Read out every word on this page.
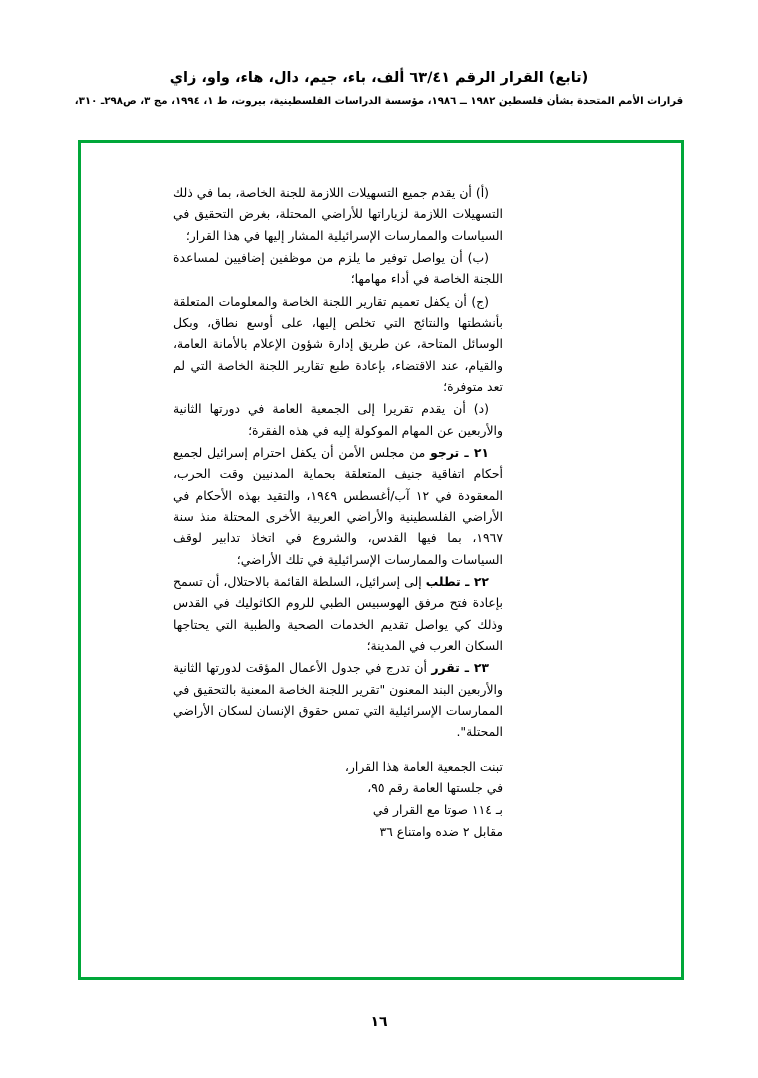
(تابع) القرار الرقم ٦٣/٤١ ألف، باء، جيم، دال، هاء، واو، زاي
قرارات الأمم المتحدة بشأن فلسطين ١٩٨٢ ــ ١٩٨٦، مؤسسة الدراسات الفلسطينية، بيروت، ط ١، ١٩٩٤، مج ٣، ص٢٩٨ـ ٣١٠،

(أ) أن يقدم جميع التسهيلات اللازمة للجنة الخاصة، بما في ذلك التسهيلات اللازمة لزياراتها للأراضي المحتلة، بغرض التحقيق في السياسات والممارسات الإسرائيلية المشار إليها في هذا القرار؛

(ب) أن يواصل توفير ما يلزم من موظفين إضافيين لمساعدة اللجنة الخاصة في أداء مهامها؛

(ج) أن يكفل تعميم تقارير اللجنة الخاصة والمعلومات المتعلقة بأنشطتها والنتائج التي تخلص إليها، على أوسع نطاق، وبكل الوسائل المتاحة، عن طريق إدارة شؤون الإعلام بالأمانة العامة، والقيام، عند الاقتضاء، بإعادة طبع تقارير اللجنة الخاصة التي لم تعد متوفرة؛

(د) أن يقدم تقريرا إلى الجمعية العامة في دورتها الثانية والأربعين عن المهام الموكولة إليه في هذه الفقرة؛

٢١ ـ ترجو من مجلس الأمن أن يكفل احترام إسرائيل لجميع أحكام اتفاقية جنيف المتعلقة بحماية المدنيين وقت الحرب، المعقودة في ١٢ آب/أغسطس ١٩٤٩، والتقيد بهذه الأحكام في الأراضي الفلسطينية والأراضي العربية الأخرى المحتلة منذ سنة ١٩٦٧، بما فيها القدس، والشروع في اتخاذ تدابير لوقف السياسات والممارسات الإسرائيلية في تلك الأراضي؛

٢٢ ـ تطلب إلى إسرائيل، السلطة القائمة بالاحتلال، أن تسمح بإعادة فتح مرفق الهوسبيس الطبي للروم الكاثوليك في القدس وذلك كي يواصل تقديم الخدمات الصحية والطبية التي يحتاجها السكان العرب في المدينة؛

٢٣ ـ تقرر أن تدرج في جدول الأعمال المؤقت لدورتها الثانية والأربعين البند المعنون "تقرير اللجنة الخاصة المعنية بالتحقيق في الممارسات الإسرائيلية التي تمس حقوق الإنسان لسكان الأراضي المحتلة".

تبنت الجمعية العامة هذا القرار،

في جلستها العامة رقم ٩٥،

بـ ١١٤ صوتا مع القرار في

مقابل ٢ ضده وامتناع ٣٦

١٦
